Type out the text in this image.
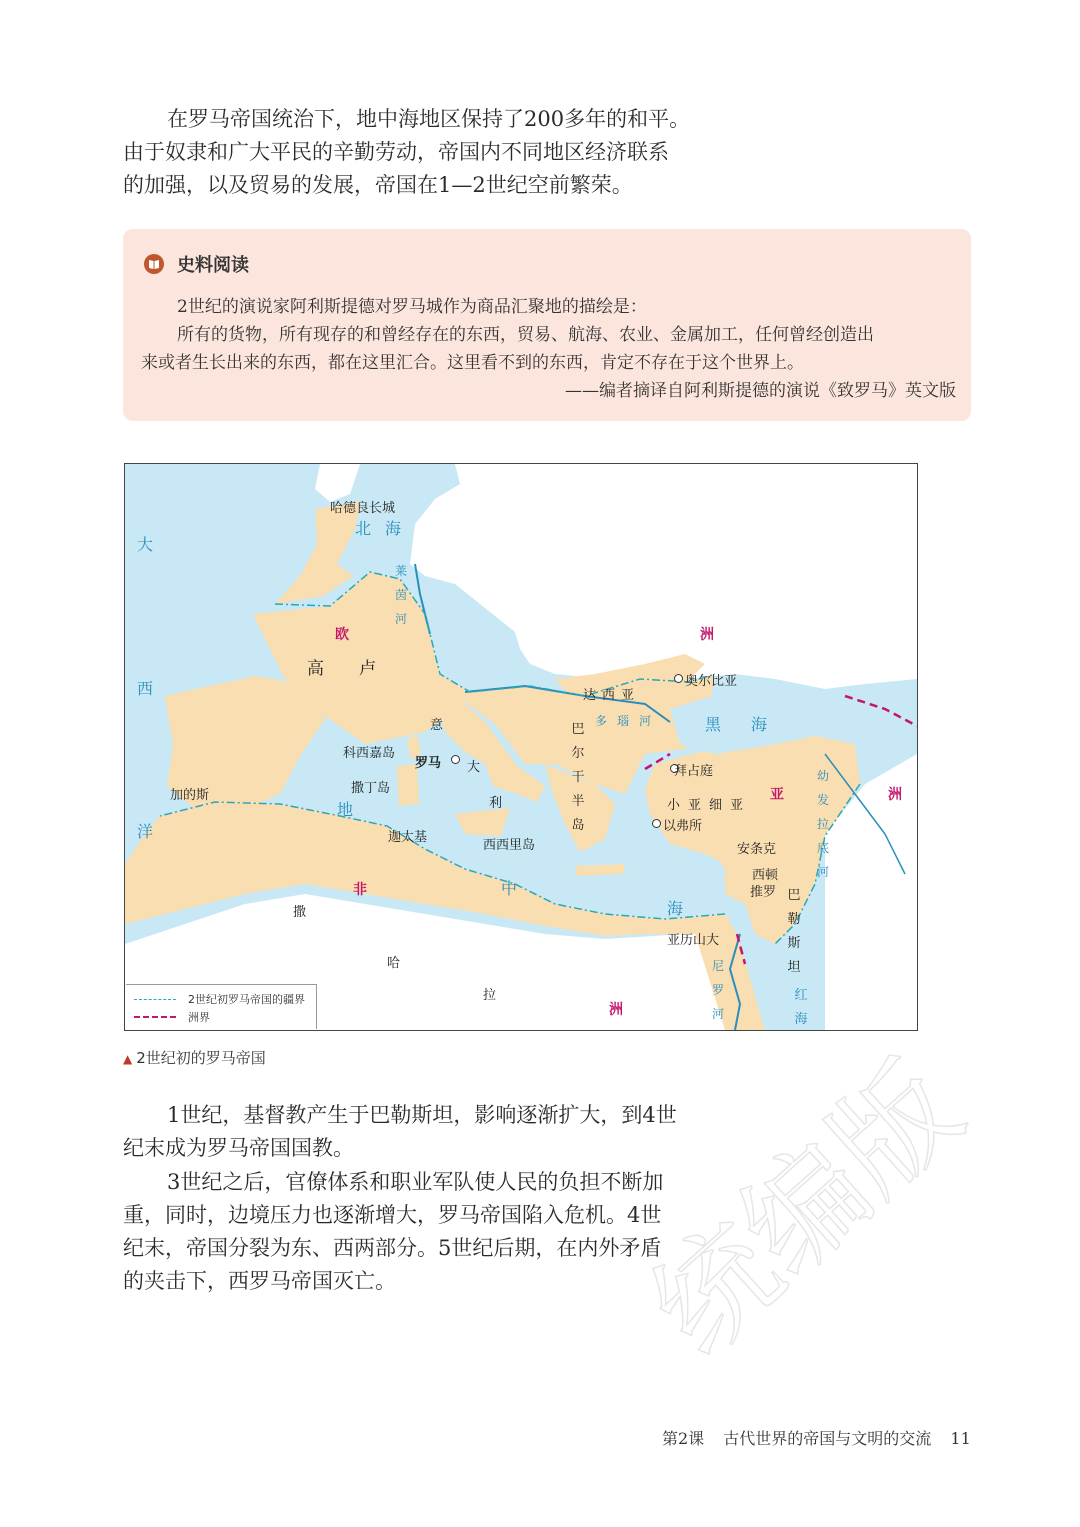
在罗马帝国统治下，地中海地区保持了200多年的和平。
由于奴隶和广大平民的辛勤劳动，帝国内不同地区经济联系
的加强，以及贸易的发展，帝国在1—2世纪空前繁荣。
史料阅读
2世纪的演说家阿利斯提德对罗马城作为商品汇聚地的描绘是：
所有的货物，所有现存的和曾经存在的东西，贸易、航海、农业、金属加工，任何曾经创造出
来或者生长出来的东西，都在这里汇合。这里看不到的东西，肯定不存在于这个世界上。
——编者摘译自阿利斯提德的演说《致罗马》英文版
哈德良长城
北海
大
西
洋
莱茵河
欧	洲
高 卢
达西亚
奥尔比亚
多瑙河	黑海
意
大
利
科西嘉岛
罗马
撒丁岛
巴尔干半岛
拜占庭
小亚细亚
亚	洲
加的斯
地
中
海
迦太基
西西里岛
以弗所
安条克
西顿
推罗 巴勒斯坦
幼发拉底河
非
洲
撒
哈
拉
亚历山大
尼罗河
红海
2世纪初罗马帝国的疆界
洲界
▲ 2世纪初的罗马帝国
1世纪，基督教产生于巴勒斯坦，影响逐渐扩大，到4世
纪末成为罗马帝国国教。
3世纪之后，官僚体系和职业军队使人民的负担不断加
重，同时，边境压力也逐渐增大，罗马帝国陷入危机。4世
纪末，帝国分裂为东、西两部分。5世纪后期，在内外矛盾
的夹击下，西罗马帝国灭亡。	统编版
第2课 古代世界的帝国与文明的交流 11
